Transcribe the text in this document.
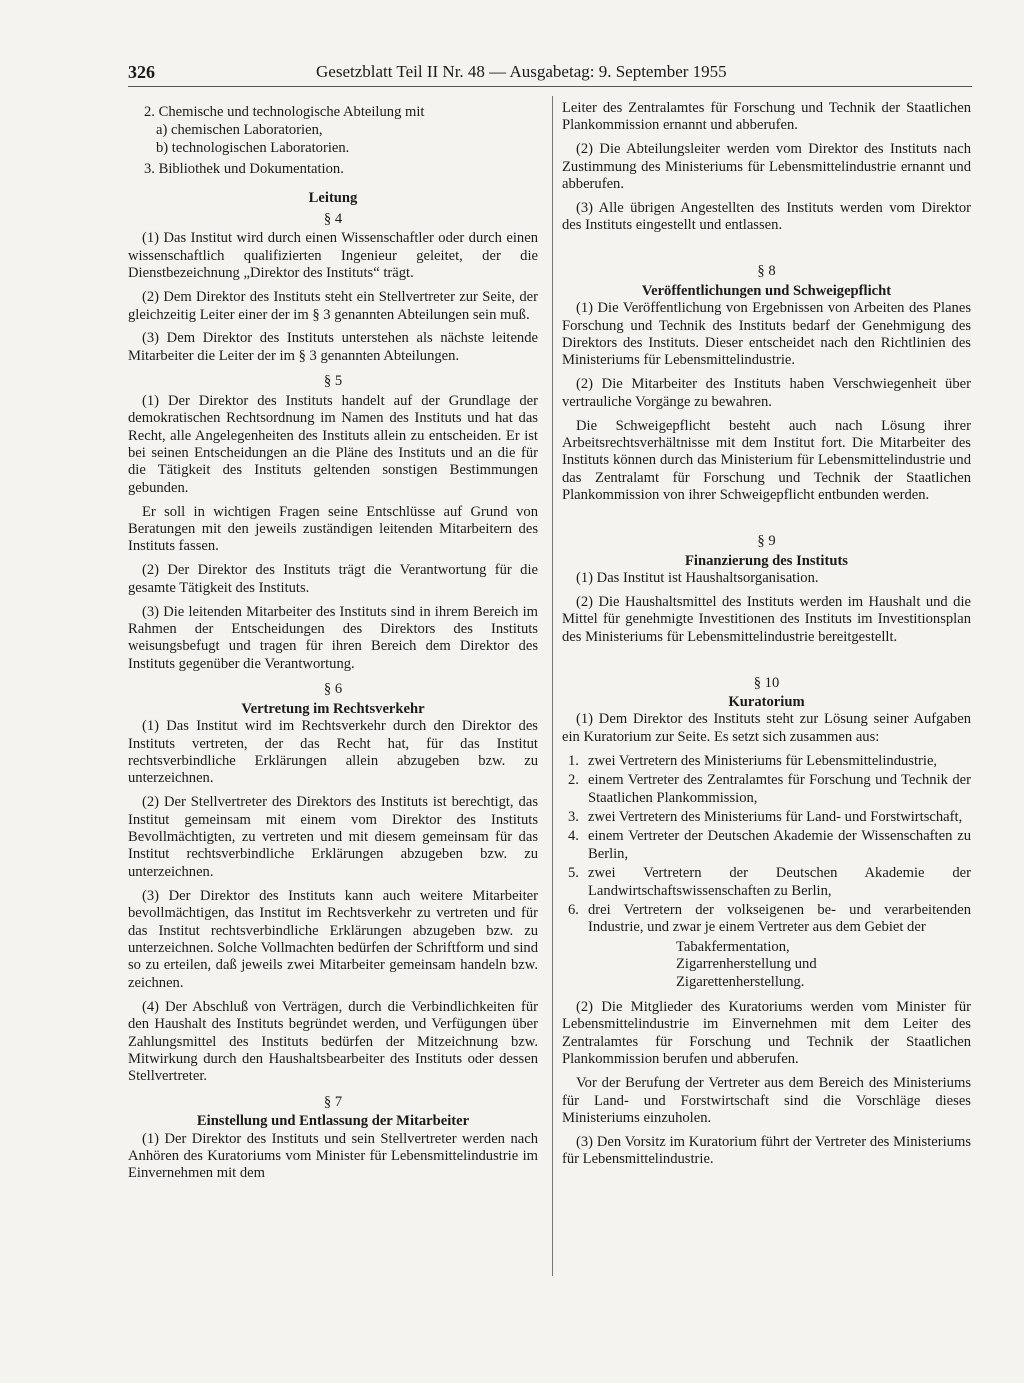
326	Gesetzblatt Teil II Nr. 48 — Ausgabetag: 9. September 1955

2. Chemische und technologische Abteilung mit

a) chemischen Laboratorien,

b) technologischen Laboratorien.

3. Bibliothek und Dokumentation.

Leitung
§ 4

(1) Das Institut wird durch einen Wissenschaftler oder durch einen wissenschaftlich qualifizierten Ingenieur geleitet, der die Dienstbezeichnung „Direktor des Instituts“ trägt.

(2) Dem Direktor des Instituts steht ein Stellvertreter zur Seite, der gleichzeitig Leiter einer der im § 3 genannten Abteilungen sein muß.

(3) Dem Direktor des Instituts unterstehen als nächste leitende Mitarbeiter die Leiter der im § 3 genannten Abteilungen.

§ 5

(1) Der Direktor des Instituts handelt auf der Grundlage der demokratischen Rechtsordnung im Namen des Instituts und hat das Recht, alle Angelegenheiten des Instituts allein zu entscheiden. Er ist bei seinen Entscheidungen an die Pläne des Instituts und an die für die Tätigkeit des Instituts geltenden sonstigen Bestimmungen gebunden.

Er soll in wichtigen Fragen seine Entschlüsse auf Grund von Beratungen mit den jeweils zuständigen leitenden Mitarbeitern des Instituts fassen.

(2) Der Direktor des Instituts trägt die Verantwortung für die gesamte Tätigkeit des Instituts.

(3) Die leitenden Mitarbeiter des Instituts sind in ihrem Bereich im Rahmen der Entscheidungen des Direktors des Instituts weisungsbefugt und tragen für ihren Bereich dem Direktor des Instituts gegenüber die Verantwortung.

§ 6
Vertretung im Rechtsverkehr

(1) Das Institut wird im Rechtsverkehr durch den Direktor des Instituts vertreten, der das Recht hat, für das Institut rechtsverbindliche Erklärungen allein abzugeben bzw. zu unterzeichnen.

(2) Der Stellvertreter des Direktors des Instituts ist berechtigt, das Institut gemeinsam mit einem vom Direktor des Instituts Bevollmächtigten, zu vertreten und mit diesem gemeinsam für das Institut rechtsverbindliche Erklärungen abzugeben bzw. zu unterzeichnen.

(3) Der Direktor des Instituts kann auch weitere Mitarbeiter bevollmächtigen, das Institut im Rechtsverkehr zu vertreten und für das Institut rechtsverbindliche Erklärungen abzugeben bzw. zu unterzeichnen. Solche Vollmachten bedürfen der Schriftform und sind so zu erteilen, daß jeweils zwei Mitarbeiter gemeinsam handeln bzw. zeichnen.

(4) Der Abschluß von Verträgen, durch die Verbindlichkeiten für den Haushalt des Instituts begründet werden, und Verfügungen über Zahlungsmittel des Instituts bedürfen der Mitzeichnung bzw. Mitwirkung durch den Haushaltsbearbeiter des Instituts oder dessen Stellvertreter.

§ 7
Einstellung und Entlassung der Mitarbeiter

(1) Der Direktor des Instituts und sein Stellvertreter werden nach Anhören des Kuratoriums vom Minister für Lebensmittelindustrie im Einvernehmen mit dem

Leiter des Zentralamtes für Forschung und Technik der Staatlichen Plankommission ernannt und abberufen.

(2) Die Abteilungsleiter werden vom Direktor des Instituts nach Zustimmung des Ministeriums für Lebensmittelindustrie ernannt und abberufen.

(3) Alle übrigen Angestellten des Instituts werden vom Direktor des Instituts eingestellt und entlassen.

§ 8
Veröffentlichungen und Schweigepflicht

(1) Die Veröffentlichung von Ergebnissen von Arbeiten des Planes Forschung und Technik des Instituts bedarf der Genehmigung des Direktors des Instituts. Dieser entscheidet nach den Richtlinien des Ministeriums für Lebensmittelindustrie.

(2) Die Mitarbeiter des Instituts haben Verschwiegenheit über vertrauliche Vorgänge zu bewahren.

Die Schweigepflicht besteht auch nach Lösung ihrer Arbeitsrechtsverhältnisse mit dem Institut fort. Die Mitarbeiter des Instituts können durch das Ministerium für Lebensmittelindustrie und das Zentralamt für Forschung und Technik der Staatlichen Plankommission von ihrer Schweigepflicht entbunden werden.

§ 9
Finanzierung des Instituts

(1) Das Institut ist Haushaltsorganisation.

(2) Die Haushaltsmittel des Instituts werden im Haushalt und die Mittel für genehmigte Investitionen des Instituts im Investitionsplan des Ministeriums für Lebensmittelindustrie bereitgestellt.

§ 10
Kuratorium

(1) Dem Direktor des Instituts steht zur Lösung seiner Aufgaben ein Kuratorium zur Seite. Es setzt sich zusammen aus:

1. zwei Vertretern des Ministeriums für Lebensmittelindustrie,

2. einem Vertreter des Zentralamtes für Forschung und Technik der Staatlichen Plankommission,

3. zwei Vertretern des Ministeriums für Land- und Forstwirtschaft,

4. einem Vertreter der Deutschen Akademie der Wissenschaften zu Berlin,

5. zwei Vertretern der Deutschen Akademie der Landwirtschaftswissenschaften zu Berlin,

6. drei Vertretern der volkseigenen be- und verarbeitenden Industrie, und zwar je einem Vertreter aus dem Gebiet der

Tabakfermentation,

Zigarrenherstellung und

Zigarettenherstellung.

(2) Die Mitglieder des Kuratoriums werden vom Minister für Lebensmittelindustrie im Einvernehmen mit dem Leiter des Zentralamtes für Forschung und Technik der Staatlichen Plankommission berufen und abberufen.

Vor der Berufung der Vertreter aus dem Bereich des Ministeriums für Land- und Forstwirtschaft sind die Vorschläge dieses Ministeriums einzuholen.

(3) Den Vorsitz im Kuratorium führt der Vertreter des Ministeriums für Lebensmittelindustrie.
